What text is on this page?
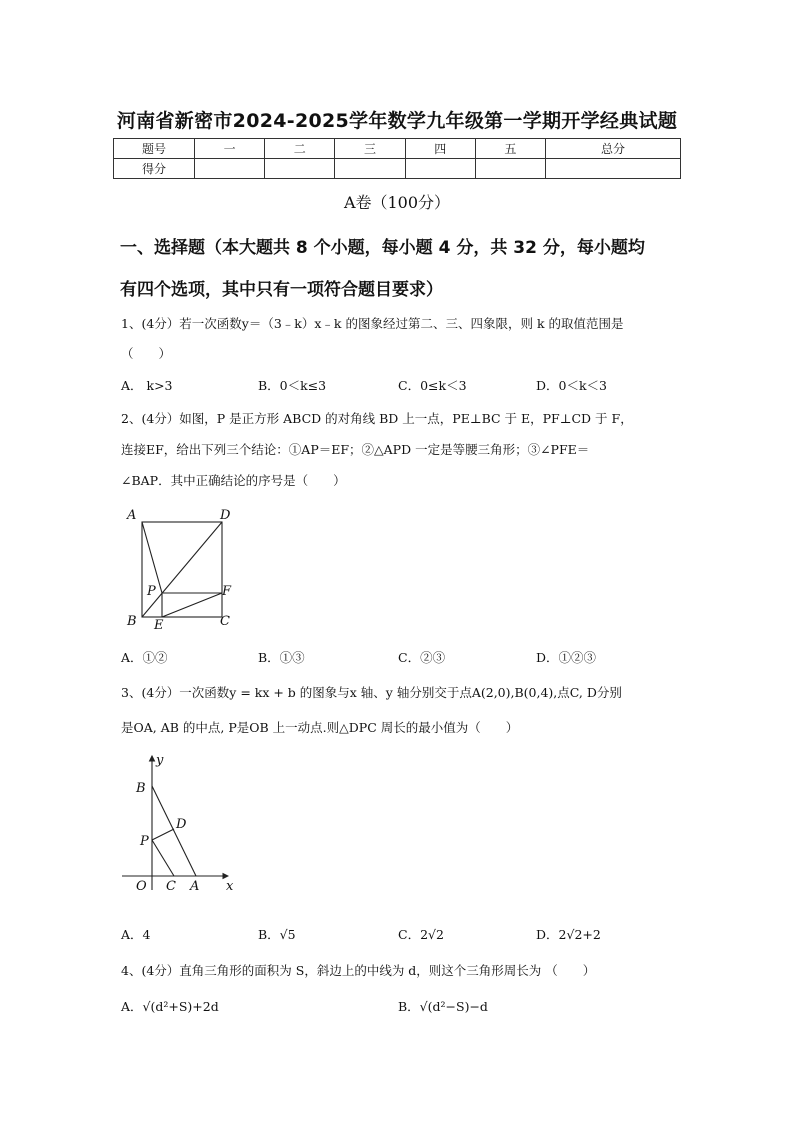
河南省新密市2024-2025学年数学九年级第一学期开学经典试题
题号	一	二	三	四	五	总分
得分						
A卷（100分）
一、选择题（本大题共 8 个小题，每小题 4 分，共 32 分，每小题均
有四个选项，其中只有一项符合题目要求）
1、(4分）若一次函数y＝（3﹣k）x﹣k 的图象经过第二、三、四象限，则 k 的取值范围是
（　　）
A． k>3	B．0＜k≤3	C．0≤k＜3	D．0＜k＜3
2、(4分）如图，P 是正方形 ABCD 的对角线 BD 上一点，PE⊥BC 于 E，PF⊥CD 于 F，
连接EF，给出下列三个结论：①AP＝EF；②△APD 一定是等腰三角形；③∠PFE＝
∠BAP．其中正确结论的序号是（　　）
A	D
P	F
B E	C
A．①②	B．①③	C．②③	D．①②③
3、(4分）一次函数y = kx + b 的图象与x 轴、y 轴分别交于点A(2,0),B(0,4),点C, D分别
是OA, AB 的中点, P是OB 上一动点.则△DPC 周长的最小值为（　　）
y
B
D
P
O C A x
A．4	B．√5	C．2√2	D．2√2+2
4、(4分）直角三角形的面积为 S，斜边上的中线为 d，则这个三角形周长为 （　　）
A．√(d²+S)+2d	B．√(d²−S)−d
